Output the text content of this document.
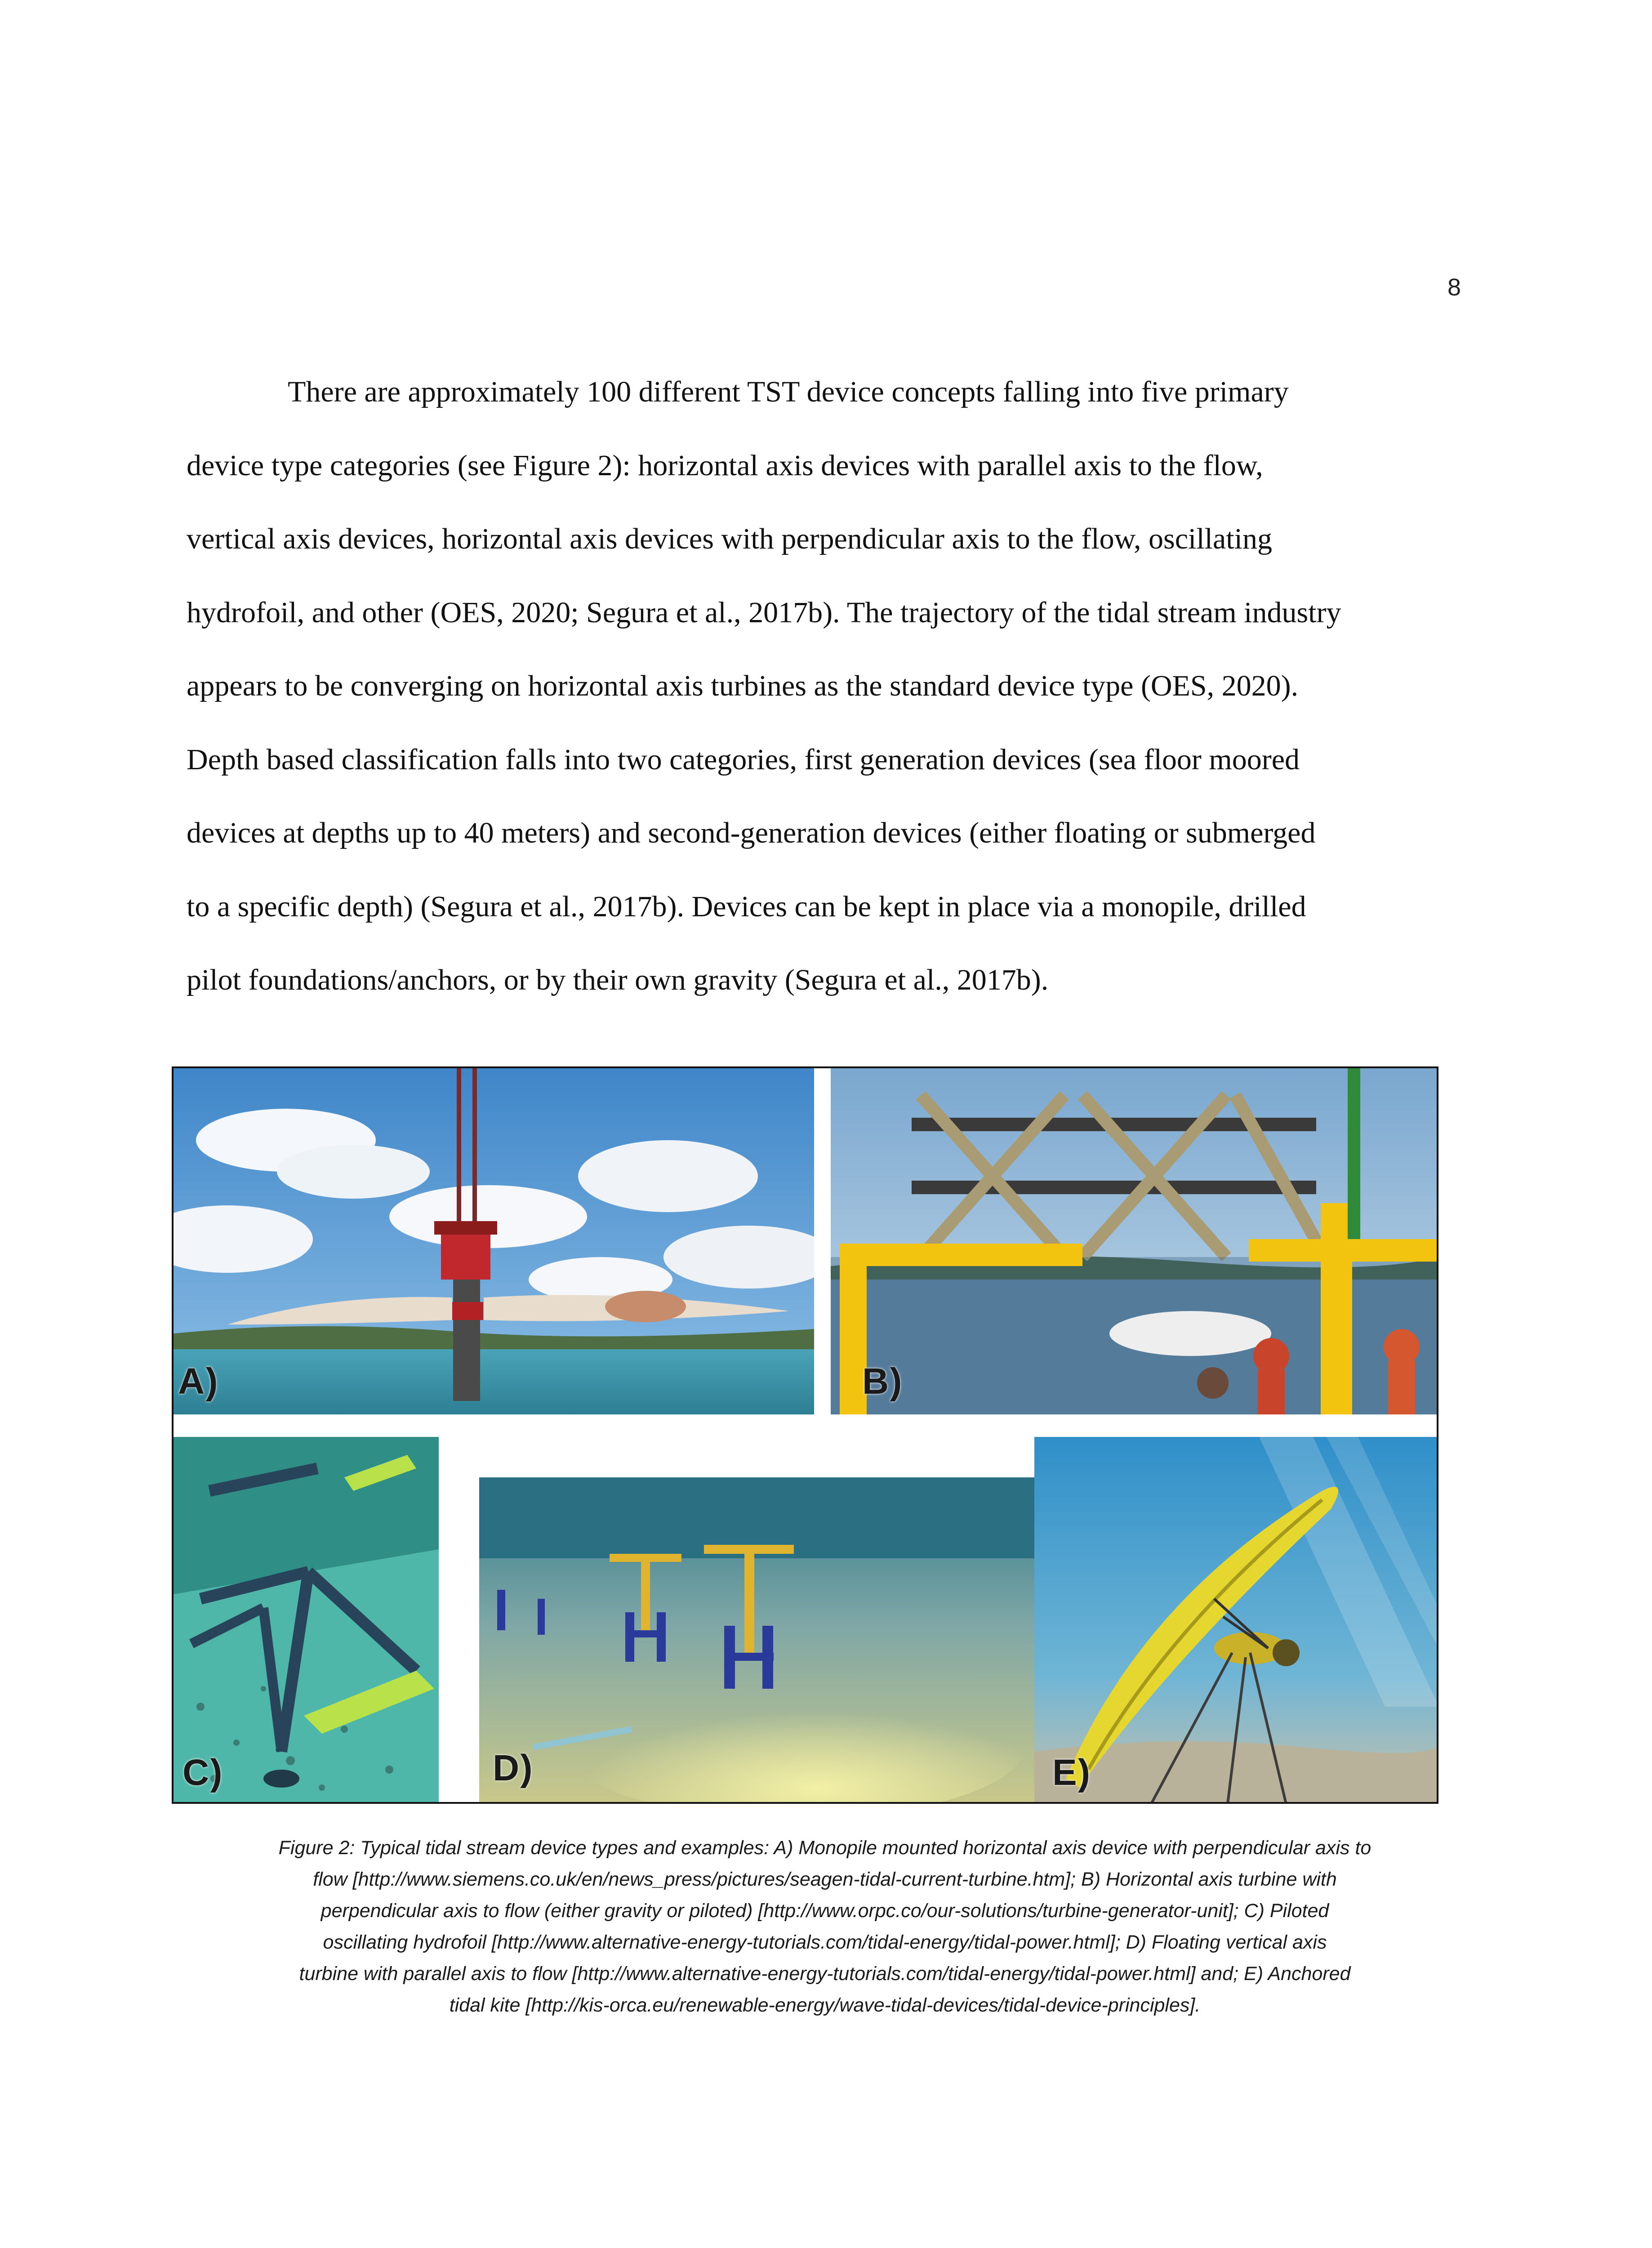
8
There are approximately 100 different TST device concepts falling into five primary
device type categories (see Figure 2): horizontal axis devices with parallel axis to the flow,
vertical axis devices, horizontal axis devices with perpendicular axis to the flow, oscillating
hydrofoil, and other (OES, 2020; Segura et al., 2017b). The trajectory of the tidal stream industry
appears to be converging on horizontal axis turbines as the standard device type (OES, 2020).
Depth based classification falls into two categories, first generation devices (sea floor moored
devices at depths up to 40 meters) and second-generation devices (either floating or submerged
to a specific depth) (Segura et al., 2017b). Devices can be kept in place via a monopile, drilled
pilot foundations/anchors, or by their own gravity (Segura et al., 2017b).
A)	B)
C)	D)	E)
Figure 2: Typical tidal stream device types and examples: A) Monopile mounted horizontal axis device with perpendicular axis to
flow [http://www.siemens.co.uk/en/news_press/pictures/seagen-tidal-current-turbine.htm]; B) Horizontal axis turbine with
perpendicular axis to flow (either gravity or piloted) [http://www.orpc.co/our-solutions/turbine-generator-unit]; C) Piloted
oscillating hydrofoil [http://www.alternative-energy-tutorials.com/tidal-energy/tidal-power.html]; D) Floating vertical axis
turbine with parallel axis to flow [http://www.alternative-energy-tutorials.com/tidal-energy/tidal-power.html] and; E) Anchored
tidal kite [http://kis-orca.eu/renewable-energy/wave-tidal-devices/tidal-device-principles].
